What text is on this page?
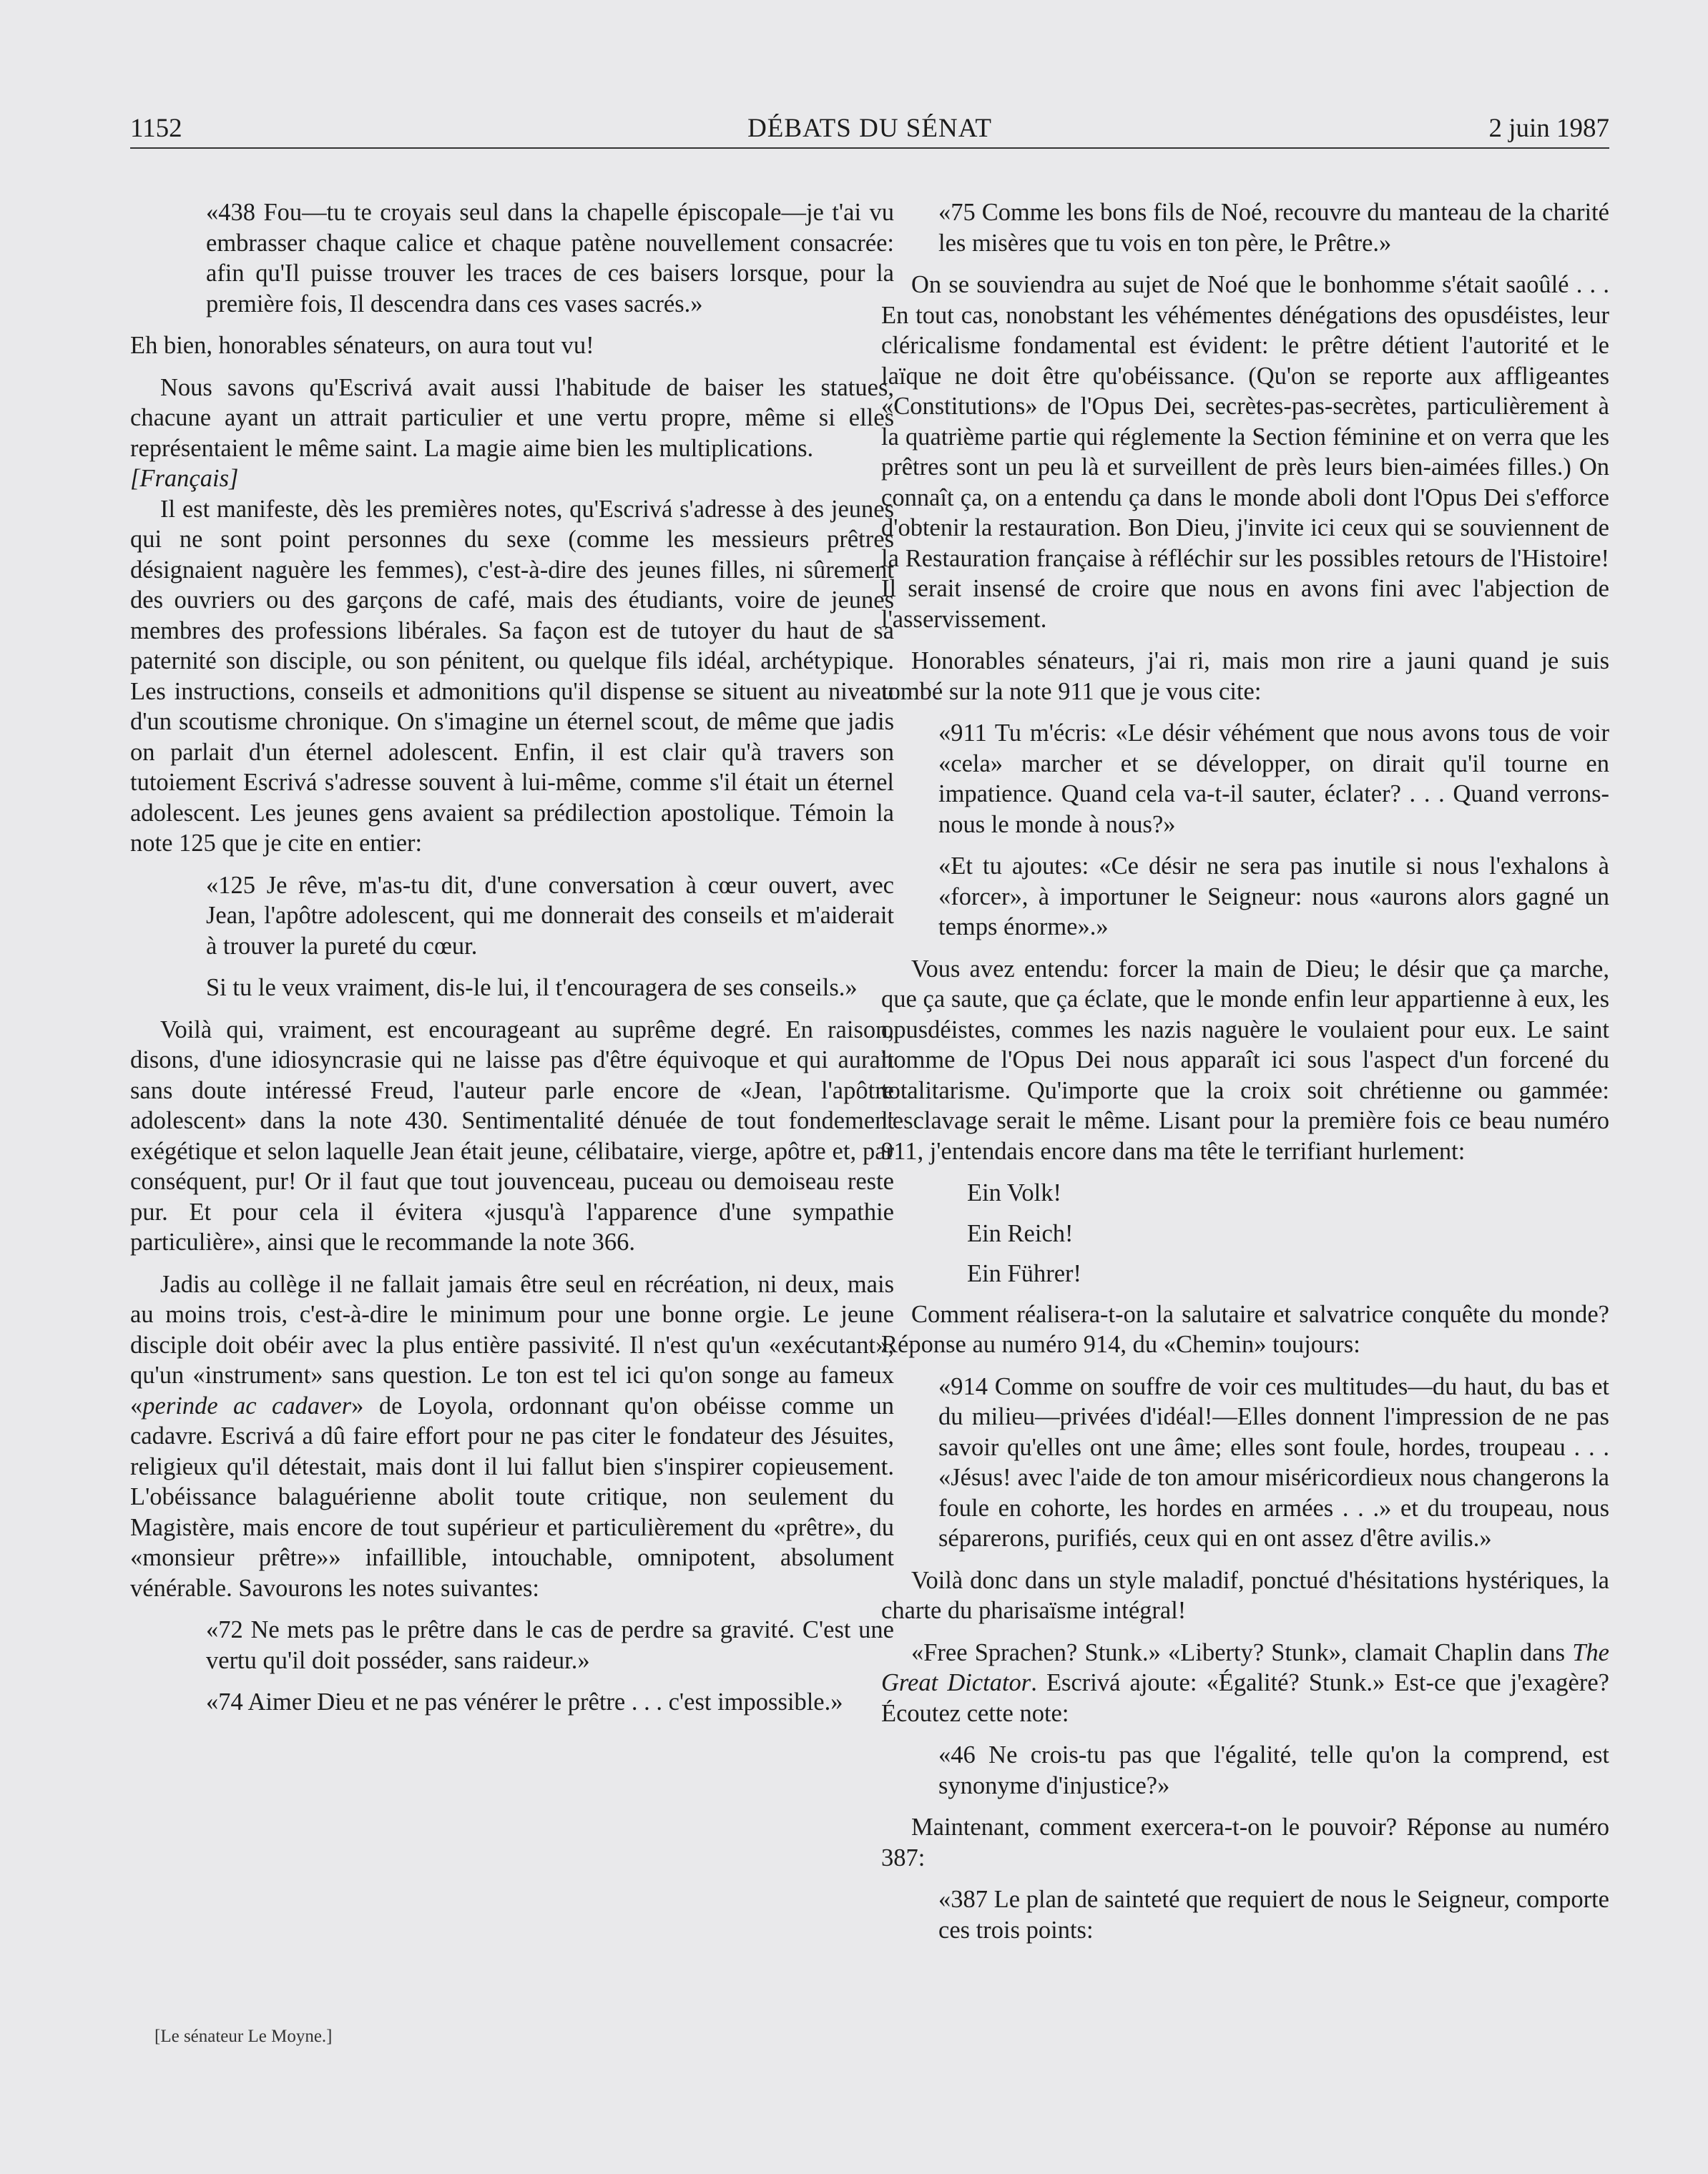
1152	DÉBATS DU SÉNAT	2 juin 1987

«438 Fou—tu te croyais seul dans la chapelle épiscopale—je t'ai vu embrasser chaque calice et chaque patène nouvellement consacrée: afin qu'Il puisse trouver les traces de ces baisers lorsque, pour la première fois, Il descendra dans ces vases sacrés.»

Eh bien, honorables sénateurs, on aura tout vu!

Nous savons qu'Escrivá avait aussi l'habitude de baiser les statues, chacune ayant un attrait particulier et une vertu propre, même si elles représentaient le même saint. La magie aime bien les multiplications.

[Français]

Il est manifeste, dès les premières notes, qu'Escrivá s'adresse à des jeunes qui ne sont point personnes du sexe (comme les messieurs prêtres désignaient naguère les femmes), c'est-à-dire des jeunes filles, ni sûrement des ouvriers ou des garçons de café, mais des étudiants, voire de jeunes membres des professions libérales. Sa façon est de tutoyer du haut de sa paternité son disciple, ou son pénitent, ou quelque fils idéal, archétypique. Les instructions, conseils et admonitions qu'il dispense se situent au niveau d'un scoutisme chronique. On s'imagine un éternel scout, de même que jadis on parlait d'un éternel adolescent. Enfin, il est clair qu'à travers son tutoiement Escrivá s'adresse souvent à lui-même, comme s'il était un éternel adolescent. Les jeunes gens avaient sa prédilection apostolique. Témoin la note 125 que je cite en entier:

«125 Je rêve, m'as-tu dit, d'une conversation à cœur ouvert, avec Jean, l'apôtre adolescent, qui me donnerait des conseils et m'aiderait à trouver la pureté du cœur.

Si tu le veux vraiment, dis-le lui, il t'encouragera de ses conseils.»

Voilà qui, vraiment, est encourageant au suprême degré. En raison, disons, d'une idiosyncrasie qui ne laisse pas d'être équivoque et qui aurait sans doute intéressé Freud, l'auteur parle encore de «Jean, l'apôtre adolescent» dans la note 430. Sentimentalité dénuée de tout fondement exégétique et selon laquelle Jean était jeune, célibataire, vierge, apôtre et, par conséquent, pur! Or il faut que tout jouvenceau, puceau ou demoiseau reste pur. Et pour cela il évitera «jusqu'à l'apparence d'une sympathie particulière», ainsi que le recommande la note 366.

Jadis au collège il ne fallait jamais être seul en récréation, ni deux, mais au moins trois, c'est-à-dire le minimum pour une bonne orgie. Le jeune disciple doit obéir avec la plus entière passivité. Il n'est qu'un «exécutant», qu'un «instrument» sans question. Le ton est tel ici qu'on songe au fameux «perinde ac cadaver» de Loyola, ordonnant qu'on obéisse comme un cadavre. Escrivá a dû faire effort pour ne pas citer le fondateur des Jésuites, religieux qu'il détestait, mais dont il lui fallut bien s'inspirer copieusement. L'obéissance balaguérienne abolit toute critique, non seulement du Magistère, mais encore de tout supérieur et particulièrement du «prêtre», du «monsieur prêtre»» infaillible, intouchable, omnipotent, absolument vénérable. Savourons les notes suivantes:

«72 Ne mets pas le prêtre dans le cas de perdre sa gravité. C'est une vertu qu'il doit posséder, sans raideur.»

«74 Aimer Dieu et ne pas vénérer le prêtre . . . c'est impossible.»

«75 Comme les bons fils de Noé, recouvre du manteau de la charité les misères que tu vois en ton père, le Prêtre.»

On se souviendra au sujet de Noé que le bonhomme s'était saoûlé . . . En tout cas, nonobstant les véhémentes dénégations des opusdéistes, leur cléricalisme fondamental est évident: le prêtre détient l'autorité et le laïque ne doit être qu'obéissance. (Qu'on se reporte aux affligeantes «Constitutions» de l'Opus Dei, secrètes-pas-secrètes, particulièrement à la quatrième partie qui réglemente la Section féminine et on verra que les prêtres sont un peu là et surveillent de près leurs bien-aimées filles.) On connaît ça, on a entendu ça dans le monde aboli dont l'Opus Dei s'efforce d'obtenir la restauration. Bon Dieu, j'invite ici ceux qui se souviennent de la Restauration française à réfléchir sur les possibles retours de l'Histoire! Il serait insensé de croire que nous en avons fini avec l'abjection de l'asservissement.

Honorables sénateurs, j'ai ri, mais mon rire a jauni quand je suis tombé sur la note 911 que je vous cite:

«911 Tu m'écris: «Le désir véhément que nous avons tous de voir «cela» marcher et se développer, on dirait qu'il tourne en impatience. Quand cela va-t-il sauter, éclater? . . . Quand verrons-nous le monde à nous?»

«Et tu ajoutes: «Ce désir ne sera pas inutile si nous l'exhalons à «forcer», à importuner le Seigneur: nous «aurons alors gagné un temps énorme».»

Vous avez entendu: forcer la main de Dieu; le désir que ça marche, que ça saute, que ça éclate, que le monde enfin leur appartienne à eux, les opusdéistes, commes les nazis naguère le voulaient pour eux. Le saint homme de l'Opus Dei nous apparaît ici sous l'aspect d'un forcené du totalitarisme. Qu'importe que la croix soit chrétienne ou gammée: l'esclavage serait le même. Lisant pour la première fois ce beau numéro 911, j'entendais encore dans ma tête le terrifiant hurlement:

Ein Volk!

Ein Reich!

Ein Führer!

Comment réalisera-t-on la salutaire et salvatrice conquête du monde? Réponse au numéro 914, du «Chemin» toujours:

«914 Comme on souffre de voir ces multitudes—du haut, du bas et du milieu—privées d'idéal!—Elles donnent l'impression de ne pas savoir qu'elles ont une âme; elles sont foule, hordes, troupeau . . . «Jésus! avec l'aide de ton amour miséricordieux nous changerons la foule en cohorte, les hordes en armées . . .» et du troupeau, nous séparerons, purifiés, ceux qui en ont assez d'être avilis.»

Voilà donc dans un style maladif, ponctué d'hésitations hystériques, la charte du pharisaïsme intégral!

«Free Sprachen? Stunk.» «Liberty? Stunk», clamait Chaplin dans The Great Dictator. Escrivá ajoute: «Égalité? Stunk.» Est-ce que j'exagère? Écoutez cette note:

«46 Ne crois-tu pas que l'égalité, telle qu'on la comprend, est synonyme d'injustice?»

Maintenant, comment exercera-t-on le pouvoir? Réponse au numéro 387:

«387 Le plan de sainteté que requiert de nous le Seigneur, comporte ces trois points:

[Le sénateur Le Moyne.]
